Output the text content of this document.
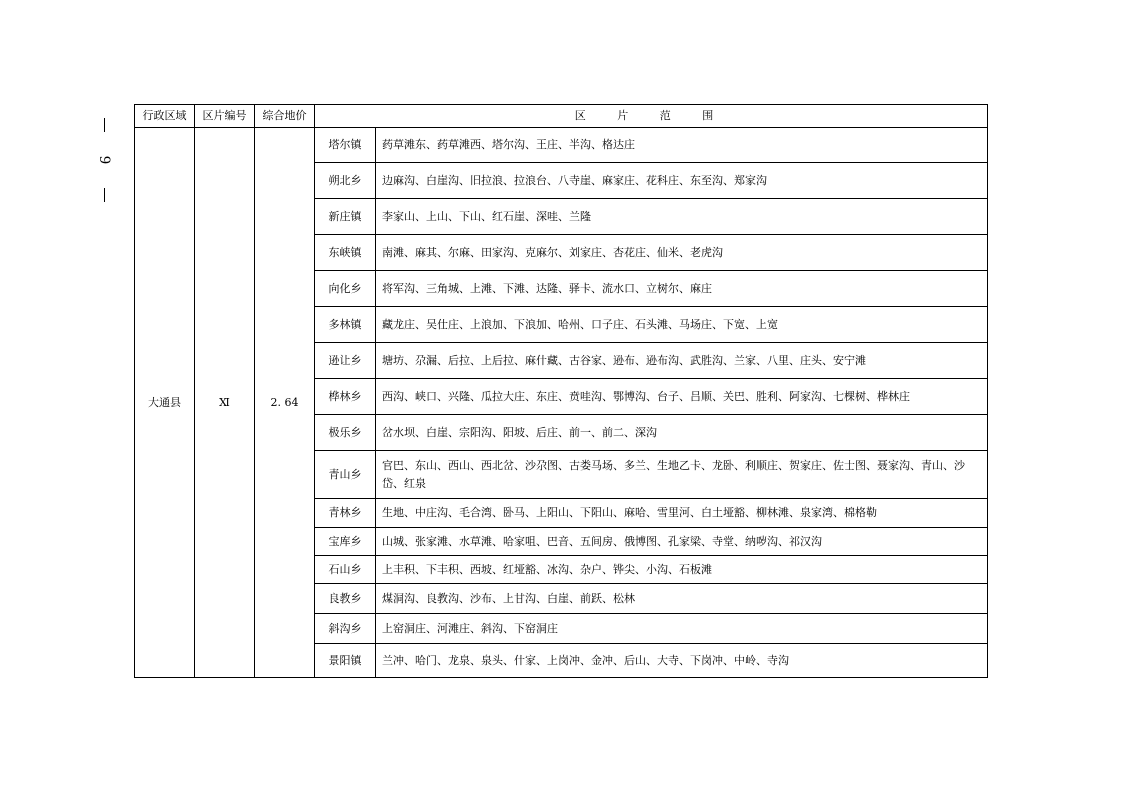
9
行政区域	区片编号	综合地价	区 片 范 围	
大通县	Ⅺ	2. 64	塔尔镇	药草滩东、药草滩西、塔尔沟、王庄、半沟、格达庄
			朔北乡	边麻沟、白崖沟、旧拉浪、拉浪台、八寺崖、麻家庄、花科庄、东至沟、郑家沟
			新庄镇	李家山、上山、下山、红石崖、深哇、兰隆
			东峡镇	南滩、麻其、尔麻、田家沟、克麻尔、刘家庄、杏花庄、仙米、老虎沟
			向化乡	将军沟、三角城、上滩、下滩、达隆、驿卡、流水口、立树尔、麻庄
			多林镇	藏龙庄、吴仕庄、上浪加、下浪加、哈州、口子庄、石头滩、马场庄、下宽、上宽
			逊让乡	塘坊、尕漏、后拉、上后拉、麻什藏、古谷家、逊布、逊布沟、武胜沟、兰家、八里、庄头、安宁滩
			桦林乡	西沟、峡口、兴隆、瓜拉大庄、东庄、贲哇沟、鄂博沟、台子、吕顺、关巴、胜利、阿家沟、七棵树、桦林庄
			极乐乡	岔水坝、白崖、宗阳沟、阳坡、后庄、前一、前二、深沟
			青山乡	官巴、东山、西山、西北岔、沙尕图、古娄马场、多兰、生地乙卡、龙卧、利顺庄、贺家庄、佐士图、聂家沟、青山、沙岱、红泉
			青林乡	生地、中庄沟、毛合湾、卧马、上阳山、下阳山、麻哈、雪里河、白土垭豁、柳林滩、泉家湾、棉格勒
			宝库乡	山城、张家滩、水草滩、哈家咀、巴音、五间房、俄博图、孔家梁、寺堂、纳哕沟、祁汉沟
			石山乡	上丰积、下丰积、西坡、红垭豁、冰沟、杂户、铧尖、小沟、石板滩
			良教乡	煤洞沟、良教沟、沙布、上甘沟、白崖、前跃、松林
			斜沟乡	上窑洞庄、河滩庄、斜沟、下窑洞庄
			景阳镇	兰冲、哈门、龙泉、泉头、什家、上岗冲、金冲、后山、大寺、下岗冲、中岭、寺沟
